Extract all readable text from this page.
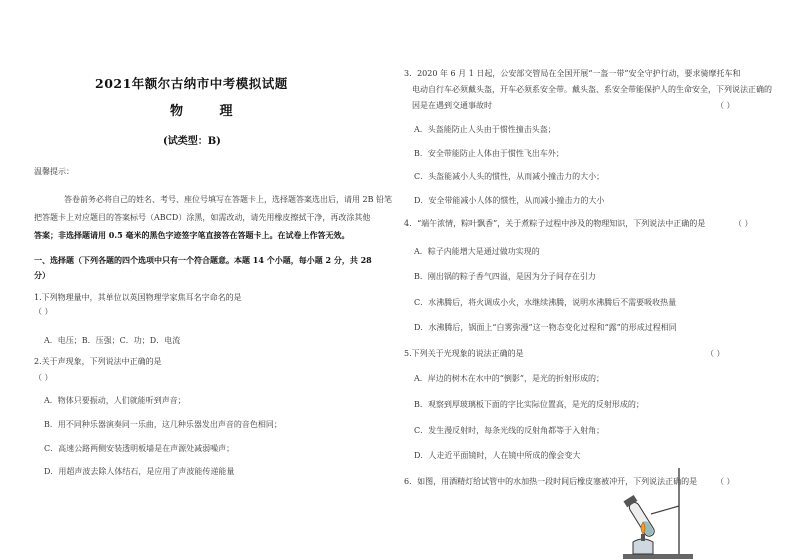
2021年额尔古纳市中考模拟试题
物 理
(试类型：B)
温馨提示：
答卷前务必将自己的姓名、考号、座位号填写在答题卡上，选择题答案选出后，请用 2B 铅笔
把答题卡上对应题目的答案标号（ABCD）涂黑，如需改动，请先用橡皮擦拭干净，再改涂其他
答案；非选择题请用 0.5 毫米的黑色字迹签字笔直接答在答题卡上。在试卷上作答无效。
一、选择题（下列各题的四个选项中只有一个符合题意。本题 14 个小题，每小题 2 分，共 28
分）
1.下列物理量中，其单位以英国物理学家焦耳名字命名的是
（ ）
A．电压；B．压强；C．功；D．电流
2.关于声现象，下列说法中正确的是
（ ）
A．物体只要振动，人们就能听到声音；
B．用不同种乐器演奏同一乐曲，这几种乐器发出声音的音色相同；
C．高速公路两侧安装透明板墙是在声源处减弱噪声；
D．用超声波去除人体结石，是应用了声波能传递能量
3．2020 年 6 月 1 日起，公安部交管局在全国开展“一盔一带”安全守护行动，要求骑摩托车和
电动自行车必须戴头盔，开车必须系安全带。戴头盔、系安全带能保护人的生命安全，下列说法正确的
因是在遇到交通事故时	（ ）
A．头盔能防止人头由于惯性撞击头盔；
B．安全带能防止人体由于惯性飞出车外；
C．头盔能减小人头的惯性，从而减小撞击力的大小；
D．安全带能减小人体的惯性，从而减小撞击力的大小
4．“端午浓情，粽叶飘香”，关于煮粽子过程中涉及的物理知识，下列说法中正确的是	（ ）
A．粽子内能增大是通过做功实现的
B．刚出锅的粽子香气四溢，是因为分子间存在引力
C．水沸腾后，将火调成小火，水继续沸腾，说明水沸腾后不需要吸收热量
D．水沸腾后，锅面上“白雾弥漫”这一物态变化过程和“露”的形成过程相同
5.下列关于光现象的说法正确的是	（ ）
A．岸边的树木在水中的“倒影”，是光的折射形成的；
B．观察到厚玻璃板下面的字比实际位置高，是光的反射形成的；
C．发生漫反射时，每条光线的反射角都等于入射角；
D．人走近平面镜时，人在镜中所成的像会变大
6．如图，用酒精灯给试管中的水加热一段时间后橡皮塞被冲开，下列说法正确的是 （ ）
